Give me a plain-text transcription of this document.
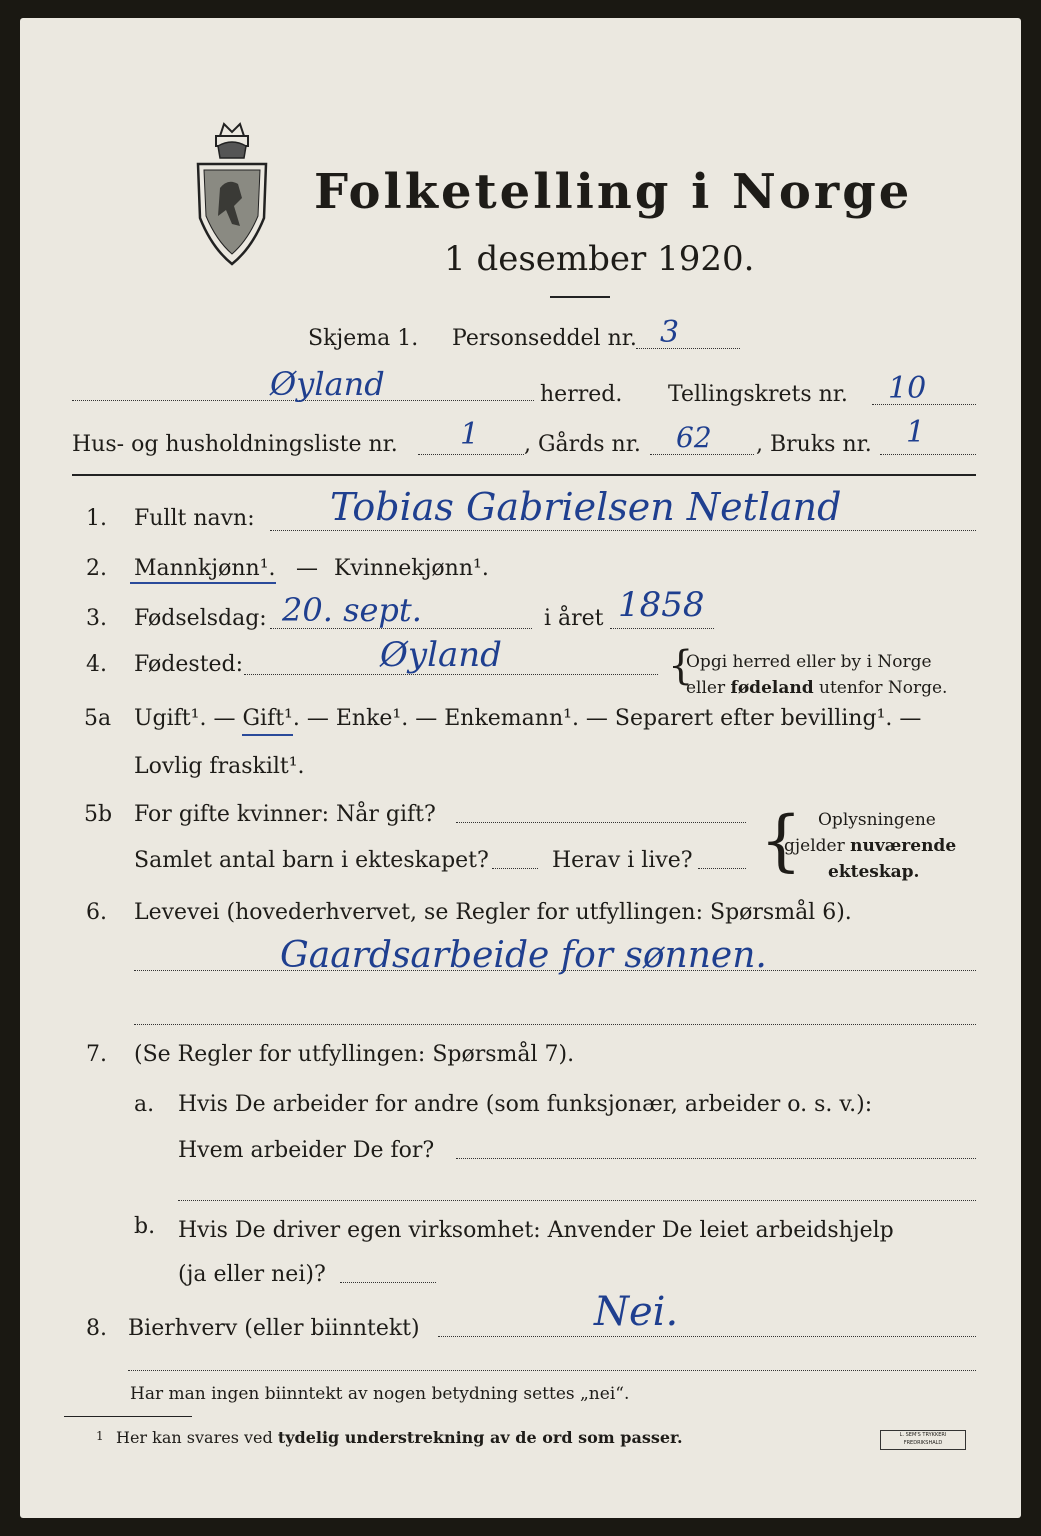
Folketelling i Norge
1 desember 1920.
Skjema 1. Personseddel nr. 3
Øyland	herred. Tellingskrets nr. 10
Hus- og husholdningsliste nr. 1 , Gårds nr. 62 , Bruks nr. 1
1. Fullt navn: Tobias Gabrielsen Netland
2. Mannkjønn¹. — Kvinnekjønn¹.
3. Fødselsdag: 20. sept.	i året 1858
4. Fødested:	Øyland	{
Opgi herred eller by i Norge
eller fødeland utenfor Norge.
5a Ugift¹. — Gift¹. — Enke¹. — Enkemann¹. — Separert efter bevilling¹. —
Lovlig fraskilt¹.
5b For gifte kvinner: Når gift?
Samlet antal barn i ekteskapet?	Herav i live? { Oplysningene
gjelder nuværende
ekteskap.
6. Levevei (hovederhvervet, se Regler for utfyllingen: Spørsmål 6).
Gaardsarbeide for sønnen.
7. (Se Regler for utfyllingen: Spørsmål 7).
a. Hvis De arbeider for andre (som funksjonær, arbeider o. s. v.):
Hvem arbeider De for?
b. Hvis De driver egen virksomhet: Anvender De leiet arbeidshjelp
(ja eller nei)?
8. Bierhverv (eller biinntekt)	Nei.
Har man ingen biinntekt av nogen betydning settes „nei“.
1 Her kan svares ved tydelig understrekning av de ord som passer.	L. SEM'S TRYKKERI FREDRIKSHALD
